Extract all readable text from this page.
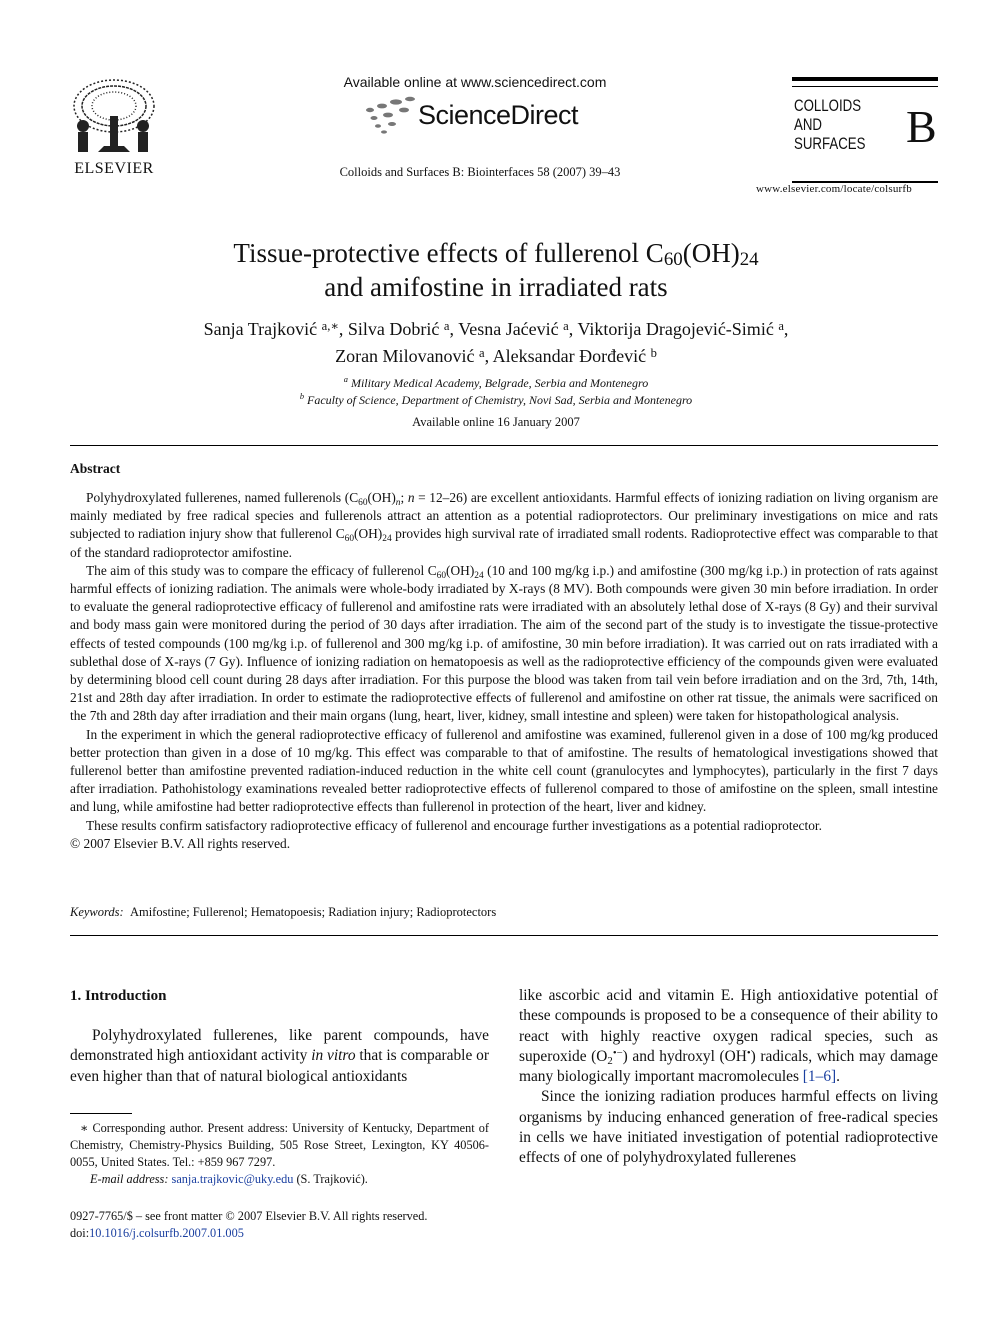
ELSEVIER
Available online at www.sciencedirect.com
ScienceDirect
Colloids and Surfaces B: Biointerfaces 58 (2007) 39–43
COLLOIDS
AND
SURFACES B
www.elsevier.com/locate/colsurfb
Tissue-protective effects of fullerenol $C_{60}(OH)_{24}$
and amifostine in irradiated rats
Sanja Trajković $^{a,∗}$, Silva Dobrić $^a$, Vesna Jaćević $^a$, Viktorija Dragojević-Simić $^a$,
Zoran Milovanović $^a$, Aleksandar Đorđević $^b$
$^a$ Military Medical Academy, Belgrade, Serbia and Montenegro
$^b$ Faculty of Science, Department of Chemistry, Novi Sad, Serbia and Montenegro
Available online 16 January 2007
Abstract

Polyhydroxylated fullerenes, named fullerenols ($C_{60}(OH)_n$; n = 12–26) are excellent antioxidants. Harmful effects of ionizing radiation on living organism are mainly mediated by free radical species and fullerenols attract an attention as a potential radioprotectors. Our preliminary investigations on mice and rats subjected to radiation injury show that fullerenol $C_{60}(OH)_{24}$ provides high survival rate of irradiated small rodents. Radioprotective effect was comparable to that of the standard radioprotector amifostine.

The aim of this study was to compare the efficacy of fullerenol $C_{60}(OH)_{24}$ (10 and 100 mg/kg i.p.) and amifostine (300 mg/kg i.p.) in protection of rats against harmful effects of ionizing radiation. The animals were whole-body irradiated by X-rays (8 MV). Both compounds were given 30 min before irradiation. In order to evaluate the general radioprotective efficacy of fullerenol and amifostine rats were irradiated with an absolutely lethal dose of X-rays (8 Gy) and their survival and body mass gain were monitored during the period of 30 days after irradiation. The aim of the second part of the study is to investigate the tissue-protective effects of tested compounds (100 mg/kg i.p. of fullerenol and 300 mg/kg i.p. of amifostine, 30 min before irradiation). It was carried out on rats irradiated with a sublethal dose of X-rays (7 Gy). Influence of ionizing radiation on hematopoesis as well as the radioprotective efficiency of the compounds given were evaluated by determining blood cell count during 28 days after irradiation. For this purpose the blood was taken from tail vein before irradiation and on the 3rd, 7th, 14th, 21st and 28th day after irradiation. In order to estimate the radioprotective effects of fullerenol and amifostine on other rat tissue, the animals were sacrificed on the 7th and 28th day after irradiation and their main organs (lung, heart, liver, kidney, small intestine and spleen) were taken for histopathological analysis.

In the experiment in which the general radioprotective efficacy of fullerenol and amifostine was examined, fullerenol given in a dose of 100 mg/kg produced better protection than given in a dose of 10 mg/kg. This effect was comparable to that of amifostine. The results of hematological investigations showed that fullerenol better than amifostine prevented radiation-induced reduction in the white cell count (granulocytes and lymphocytes), particularly in the first 7 days after irradiation. Pathohistology examinations revealed better radioprotective effects of fullerenol compared to those of amifostine on the spleen, small intestine and lung, while amifostine had better radioprotective effects than fullerenol in protection of the heart, liver and kidney.

These results confirm satisfactory radioprotective efficacy of fullerenol and encourage further investigations as a potential radioprotector.

© 2007 Elsevier B.V. All rights reserved.

Keywords: Amifostine; Fullerenol; Hematopoesis; Radiation injury; Radioprotectors
1. Introduction
Polyhydroxylated fullerenes, like parent compounds, have demonstrated high antioxidant activity in vitro that is comparable or even higher than that of natural biological antioxidants

like ascorbic acid and vitamin E. High antioxidative potential of these compounds is proposed to be a consequence of their ability to react with highly reactive oxygen radical species, such as superoxide $(O_2^{•-})$ and hydroxyl (OH•) radicals, which may damage many biologically important macromolecules [1–6].

Since the ionizing radiation produces harmful effects on living organisms by inducing enhanced generation of free-radical species in cells we have initiated investigation of potential radioprotective effects of one of polyhydroxylated fullerenes

∗ Corresponding author. Present address: University of Kentucky, Department of Chemistry, Chemistry-Physics Building, 505 Rose Street, Lexington, KY 40506-0055, United States. Tel.: +859 967 7297.
E-mail address: sanja.trajkovic@uky.edu (S. Trajković).
0927-7765/$ – see front matter © 2007 Elsevier B.V. All rights reserved.
doi:10.1016/j.colsurfb.2007.01.005
